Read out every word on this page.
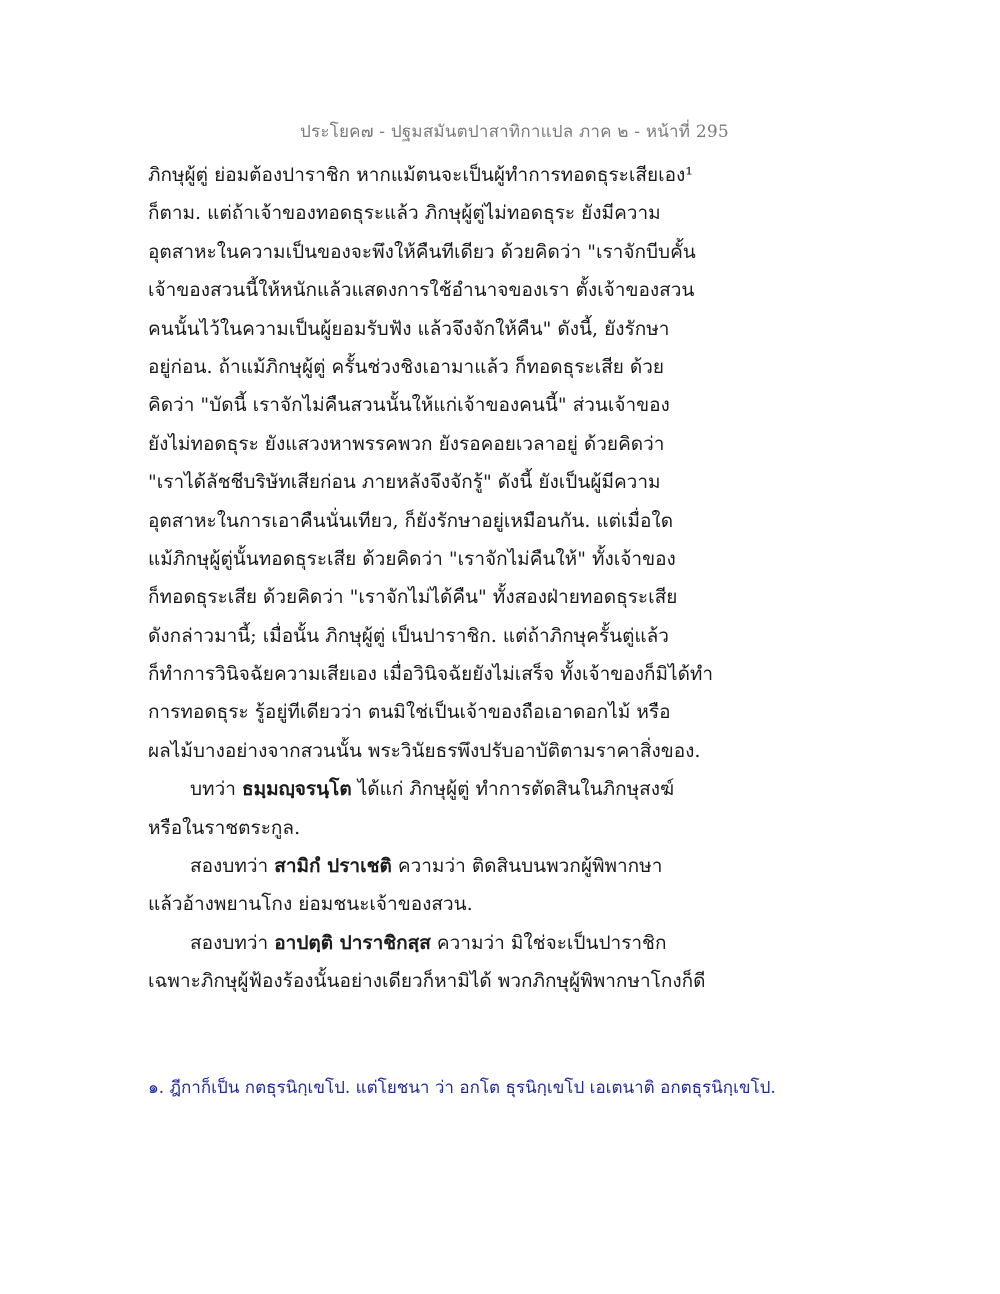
ประโยค๗ - ปฐมสมันตปาสาทิกาแปล ภาค ๒ - หน้าที่ 295
ภิกษุผู้ตู่ ย่อมต้องปาราชิก หากแม้ตนจะเป็นผู้ทำการทอดธุระเสียเอง¹
ก็ตาม. แต่ถ้าเจ้าของทอดธุระแล้ว ภิกษุผู้ตู่ไม่ทอดธุระ ยังมีความ
อุตสาหะในความเป็นของจะพึงให้คืนทีเดียว ด้วยคิดว่า "เราจักบีบคั้น
เจ้าของสวนนี้ให้หนักแล้วแสดงการใช้อำนาจของเรา ตั้งเจ้าของสวน
คนนั้นไว้ในความเป็นผู้ยอมรับฟัง แล้วจึงจักให้คืน" ดังนี้, ยังรักษา
อยู่ก่อน. ถ้าแม้ภิกษุผู้ตู่ ครั้นช่วงชิงเอามาแล้ว ก็ทอดธุระเสีย ด้วย
คิดว่า "บัดนี้ เราจักไม่คืนสวนนั้นให้แก่เจ้าของคนนี้" ส่วนเจ้าของ
ยังไม่ทอดธุระ ยังแสวงหาพรรคพวก ยังรอคอยเวลาอยู่ ด้วยคิดว่า
"เราได้ลัชชีบริษัทเสียก่อน ภายหลังจึงจักรู้" ดังนี้ ยังเป็นผู้มีความ
อุตสาหะในการเอาคืนนั่นเทียว, ก็ยังรักษาอยู่เหมือนกัน. แต่เมื่อใด
แม้ภิกษุผู้ตู่นั้นทอดธุระเสีย ด้วยคิดว่า "เราจักไม่คืนให้" ทั้งเจ้าของ
ก็ทอดธุระเสีย ด้วยคิดว่า "เราจักไม่ได้คืน" ทั้งสองฝ่ายทอดธุระเสีย
ดังกล่าวมานี้; เมื่อนั้น ภิกษุผู้ตู่ เป็นปาราชิก. แต่ถ้าภิกษุครั้นตู่แล้ว
ก็ทำการวินิจฉัยความเสียเอง เมื่อวินิจฉัยยังไม่เสร็จ ทั้งเจ้าของก็มิได้ทำ
การทอดธุระ รู้อยู่ทีเดียวว่า ตนมิใช่เป็นเจ้าของถือเอาดอกไม้ หรือ
ผลไม้บางอย่างจากสวนนั้น พระวินัยธรพึงปรับอาบัติตามราคาสิ่งของ.
บทว่า ธมฺมญฺจรนฺโต ได้แก่ ภิกษุผู้ตู่ ทำการตัดสินในภิกษุสงฆ์
หรือในราชตระกูล.
สองบทว่า สามิกํ ปราเชติ ความว่า ติดสินบนพวกผู้พิพากษา
แล้วอ้างพยานโกง ย่อมชนะเจ้าของสวน.
สองบทว่า อาปตฺติ ปาราชิกสฺส ความว่า มิใช่จะเป็นปาราชิก
เฉพาะภิกษุผู้ฟ้องร้องนั้นอย่างเดียวก็หามิได้ พวกภิกษุผู้พิพากษาโกงก็ดี
๑. ฎีกาก็เป็น กตธุรนิกฺเขโป. แต่โยชนา ว่า อกโต ธุรนิกฺเขโป เอเตนาติ อกตธุรนิกฺเขโป.
